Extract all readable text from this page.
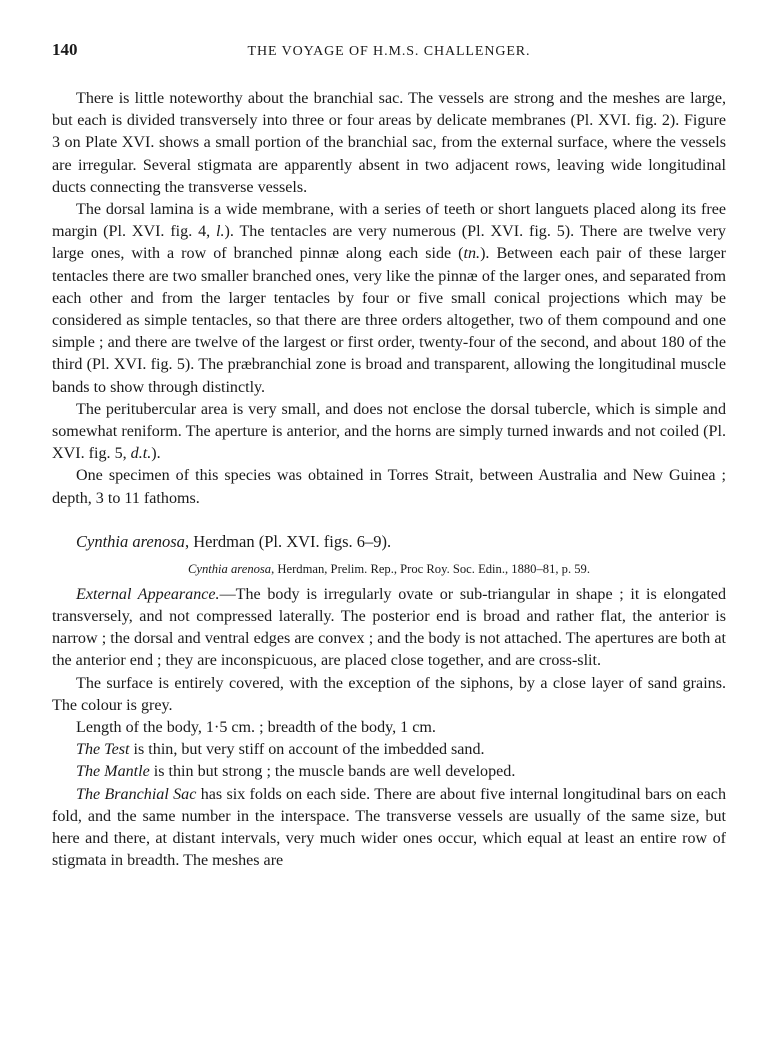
140	THE VOYAGE OF H.M.S. CHALLENGER.

There is little noteworthy about the branchial sac. The vessels are strong and the meshes are large, but each is divided transversely into three or four areas by delicate membranes (Pl. XVI. fig. 2). Figure 3 on Plate XVI. shows a small portion of the branchial sac, from the external surface, where the vessels are irregular. Several stigmata are apparently absent in two adjacent rows, leaving wide longitudinal ducts connecting the transverse vessels.

The dorsal lamina is a wide membrane, with a series of teeth or short languets placed along its free margin (Pl. XVI. fig. 4, l.). The tentacles are very numerous (Pl. XVI. fig. 5). There are twelve very large ones, with a row of branched pinnæ along each side (tn.). Between each pair of these larger tentacles there are two smaller branched ones, very like the pinnæ of the larger ones, and separated from each other and from the larger tentacles by four or five small conical projections which may be considered as simple tentacles, so that there are three orders altogether, two of them compound and one simple ; and there are twelve of the largest or first order, twenty-four of the second, and about 180 of the third (Pl. XVI. fig. 5). The præbranchial zone is broad and transparent, allowing the longitudinal muscle bands to show through distinctly.

The peritubercular area is very small, and does not enclose the dorsal tubercle, which is simple and somewhat reniform. The aperture is anterior, and the horns are simply turned inwards and not coiled (Pl. XVI. fig. 5, d.t.).

One specimen of this species was obtained in Torres Strait, between Australia and New Guinea ; depth, 3 to 11 fathoms.

Cynthia arenosa, Herdman (Pl. XVI. figs. 6–9).

Cynthia arenosa, Herdman, Prelim. Rep., Proc Roy. Soc. Edin., 1880–81, p. 59.

External Appearance.—The body is irregularly ovate or sub-triangular in shape ; it is elongated transversely, and not compressed laterally. The posterior end is broad and rather flat, the anterior is narrow ; the dorsal and ventral edges are convex ; and the body is not attached. The apertures are both at the anterior end ; they are inconspicuous, are placed close together, and are cross-slit.

The surface is entirely covered, with the exception of the siphons, by a close layer of sand grains. The colour is grey.

Length of the body, 1·5 cm. ; breadth of the body, 1 cm.

The Test is thin, but very stiff on account of the imbedded sand.

The Mantle is thin but strong ; the muscle bands are well developed.

The Branchial Sac has six folds on each side. There are about five internal longitudinal bars on each fold, and the same number in the interspace. The transverse vessels are usually of the same size, but here and there, at distant intervals, very much wider ones occur, which equal at least an entire row of stigmata in breadth. The meshes are
